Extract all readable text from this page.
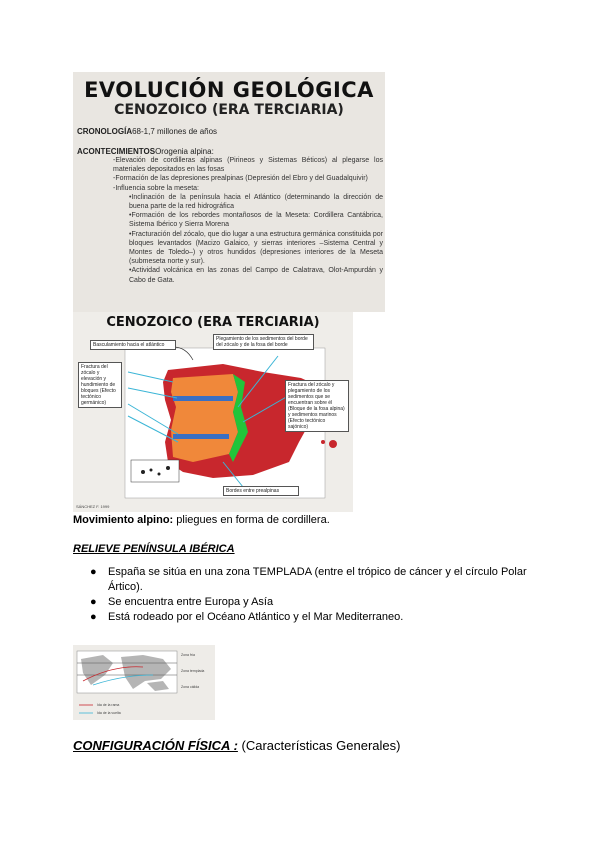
EVOLUCIÓN GEOLÓGICA
CENOZOICO (ERA TERCIARIA)
CRONOLOGÍA68-1,7 millones de años
ACONTECIMIENTOSOrogenia alpina:
-Elevación de cordilleras alpinas (Pirineos y Sistemas Béticos) al plegarse los materiales depositados en las fosas
-Formación de las depresiones prealpinas (Depresión del Ebro y del Guadalquivir)
-Influencia sobre la meseta:
•Inclinación de la península hacia el Atlántico (determinando la dirección de buena parte de la red hidrográfica
•Formación de los rebordes montañosos de la Meseta: Cordillera Cantábrica, Sistema Ibérico y Sierra Morena
•Fracturación del zócalo, que dio lugar a una estructura germánica constituida por bloques levantados (Macizo Galaico, y sierras interiores –Sistema Central y Montes de Toledo–) y otros hundidos (depresiones interiores de la Meseta (submeseta norte y sur).
•Actividad volcánica en las zonas del Campo de Calatrava, Olot-Ampurdán y Cabo de Gata.
CENOZOICO (ERA TERCIARIA)
Basculamiento hacia el atlántico
Plegamiento de los sedimentos del borde del zócalo y de la fosa del borde
Fractura del zócalo y elevación y hundimiento de bloques (Efecto tectónico germánico)
Fractura del zócalo y plegamiento de los sedimentos que se encuentran sobre él (Bloque de la fosa alpina) y sedimentos marinos (Efecto tectónico sajónico)
Bordes entre prealpinas
SÁNCHEZ F. 1999
Movimiento alpino: pliegues en forma de cordillera.
RELIEVE PENÍNSULA IBÉRICA
● España se sitúa en una zona TEMPLADA (entre el trópico de cáncer y el círculo Polar Ártico).
● Se encuentra entre Europa y Asía
● Está rodeado por el Océano Atlántico y el Mar Mediterraneo.
Zona fría
Zona templada
Zona cálida
Ida de la rama
Ida de la vuelta
CONFIGURACIÓN FÍSICA : (Características Generales)
